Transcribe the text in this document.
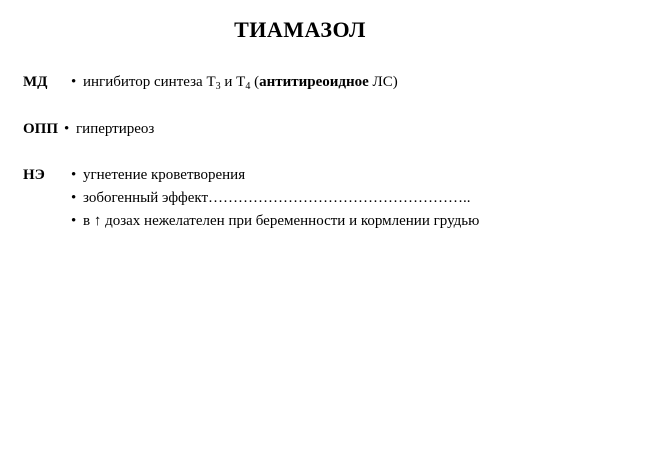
ТИАМАЗОЛ
МД	• ингибитор синтеза $Т_3$ и $Т_4$ (антитиреоидное ЛС)
ОПП • гипертиреоз
НЭ	• угнетение кроветворения
• зобогенный эффект……………………………………………..
• в ↑ дозах нежелателен при беременности и кормлении грудью
